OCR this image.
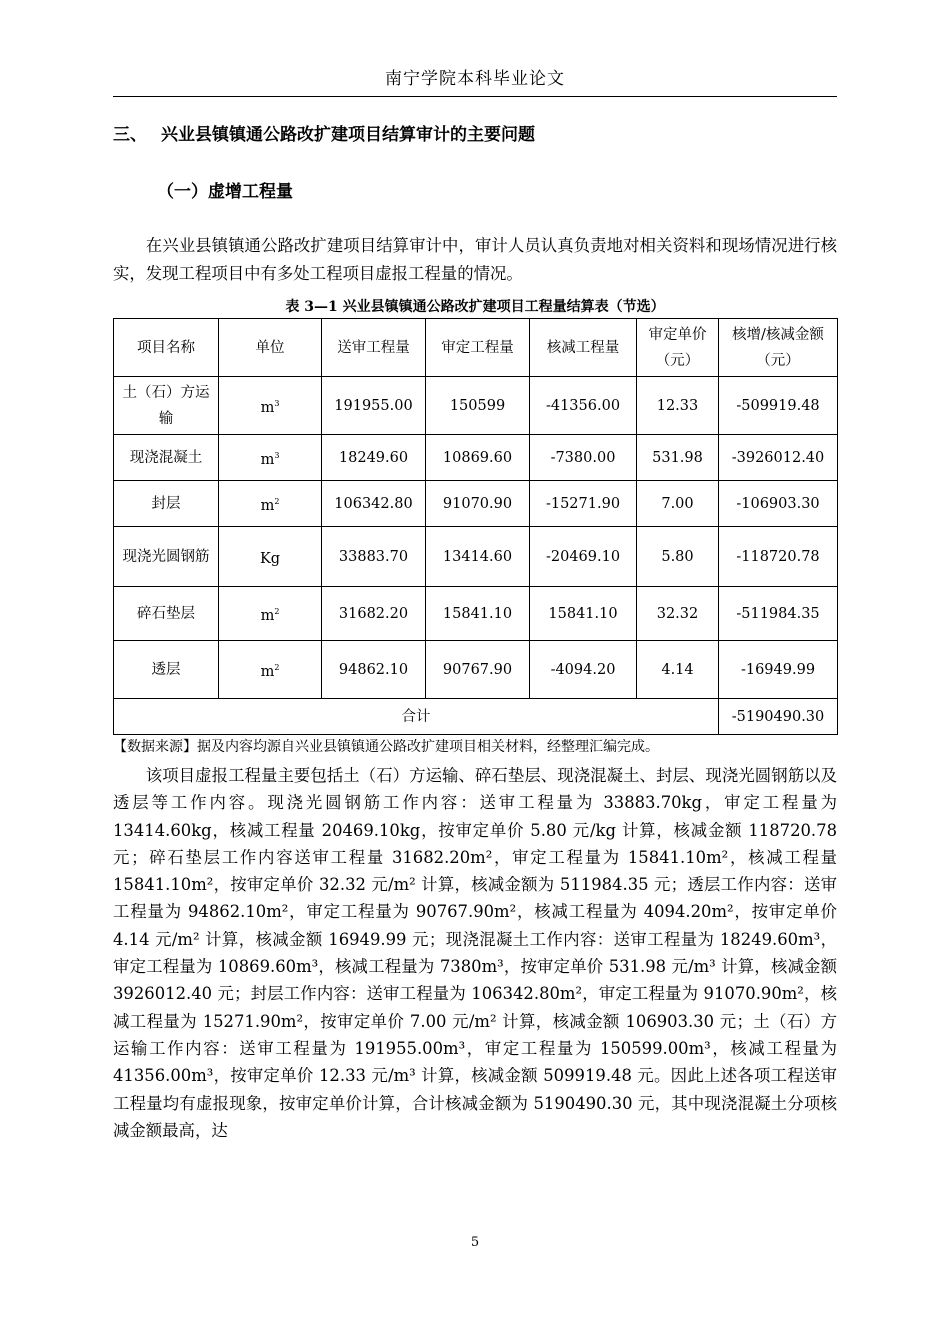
南宁学院本科毕业论文
三、 兴业县镇镇通公路改扩建项目结算审计的主要问题
（一）虚增工程量
在兴业县镇镇通公路改扩建项目结算审计中，审计人员认真负责地对相关资料和现场情况进行核实，发现工程项目中有多处工程项目虚报工程量的情况。
表 3—1 兴业县镇镇通公路改扩建项目工程量结算表（节选）
项目名称	单位	送审工程量	审定工程量	核减工程量	审定单价（元）	核增/核减金额（元）
土（石）方运输	$m^3$	191955.00	150599	-41356.00	12.33	-509919.48
现浇混凝土	$m^3$	18249.60	10869.60	-7380.00	531.98	-3926012.40
封层	$m^2$	106342.80	91070.90	-15271.90	7.00	-106903.30
现浇光圆钢筋	Kg	33883.70	13414.60	-20469.10	5.80	-118720.78
碎石垫层	$m^2$	31682.20	15841.10	15841.10	32.32	-511984.35
透层	$m^2$	94862.10	90767.90	-4094.20	4.14	-16949.99
合计						-5190490.30
【数据来源】据及内容均源自兴业县镇镇通公路改扩建项目相关材料，经整理汇编完成。
该项目虚报工程量主要包括土（石）方运输、碎石垫层、现浇混凝土、封层、现浇光圆钢筋以及透层等工作内容。现浇光圆钢筋工作内容：送审工程量为 33883.70kg，审定工程量为 13414.60kg，核减工程量 20469.10kg，按审定单价 5.80 元/kg 计算，核减金额 118720.78 元；碎石垫层工作内容送审工程量 31682.20m²，审定工程量为 15841.10m²，核减工程量 15841.10m²，按审定单价 32.32 元/m² 计算，核减金额为 511984.35 元；透层工作内容：送审工程量为 94862.10m²，审定工程量为 90767.90m²，核减工程量为 4094.20m²，按审定单价 4.14 元/m² 计算，核减金额 16949.99 元；现浇混凝土工作内容：送审工程量为 18249.60m³，审定工程量为 10869.60m³，核减工程量为 7380m³，按审定单价 531.98 元/m³ 计算，核减金额 3926012.40 元；封层工作内容：送审工程量为 106342.80m²，审定工程量为 91070.90m²，核减工程量为 15271.90m²，按审定单价 7.00 元/m² 计算，核减金额 106903.30 元；土（石）方运输工作内容：送审工程量为 191955.00m³，审定工程量为 150599.00m³，核减工程量为 41356.00m³，按审定单价 12.33 元/m³ 计算，核减金额 509919.48 元。因此上述各项工程送审工程量均有虚报现象，按审定单价计算，合计核减金额为 5190490.30 元，其中现浇混凝土分项核减金额最高，达
5
